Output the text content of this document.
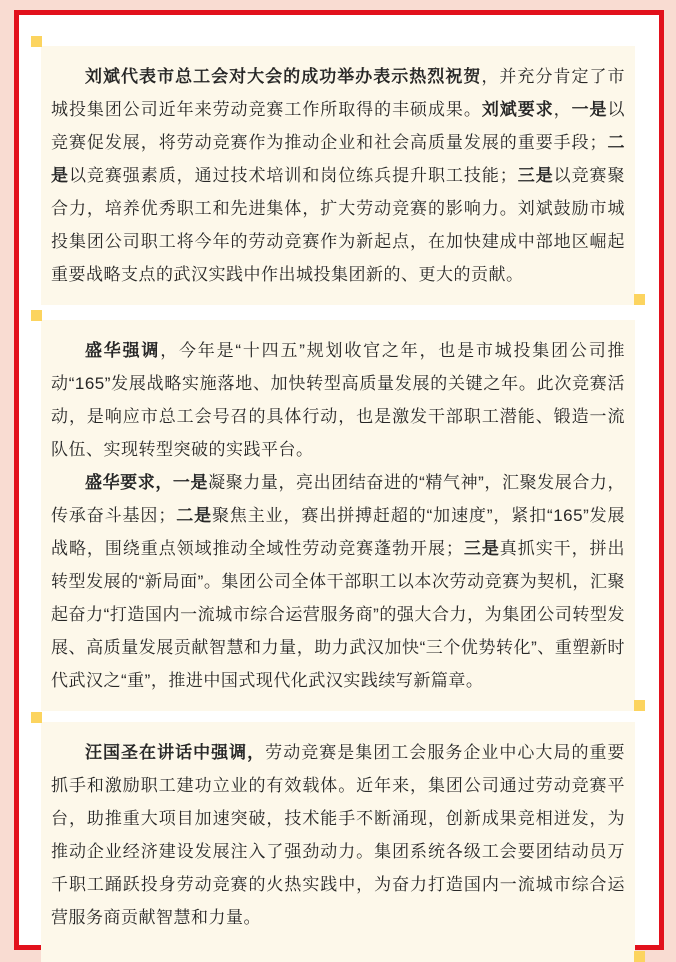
刘斌代表市总工会对大会的成功举办表示热烈祝贺，并充分肯定了市城投集团公司近年来劳动竞赛工作所取得的丰硕成果。刘斌要求，一是以竞赛促发展，将劳动竞赛作为推动企业和社会高质量发展的重要手段；二是以竞赛强素质，通过技术培训和岗位练兵提升职工技能；三是以竞赛聚合力，培养优秀职工和先进集体，扩大劳动竞赛的影响力。刘斌鼓励市城投集团公司职工将今年的劳动竞赛作为新起点，在加快建成中部地区崛起重要战略支点的武汉实践中作出城投集团新的、更大的贡献。

盛华强调，今年是“十四五”规划收官之年，也是市城投集团公司推动“165”发展战略实施落地、加快转型高质量发展的关键之年。此次竞赛活动，是响应市总工会号召的具体行动，也是激发干部职工潜能、锻造一流队伍、实现转型突破的实践平台。

盛华要求，一是凝聚力量，亮出团结奋进的“精气神”，汇聚发展合力，传承奋斗基因；二是聚焦主业，赛出拼搏赶超的“加速度”，紧扣“165”发展战略，围绕重点领域推动全域性劳动竞赛蓬勃开展；三是真抓实干，拼出转型发展的“新局面”。集团公司全体干部职工以本次劳动竞赛为契机，汇聚起奋力“打造国内一流城市综合运营服务商”的强大合力，为集团公司转型发展、高质量发展贡献智慧和力量，助力武汉加快“三个优势转化”、重塑新时代武汉之“重”，推进中国式现代化武汉实践续写新篇章。

汪国圣在讲话中强调，劳动竞赛是集团工会服务企业中心大局的重要抓手和激励职工建功立业的有效载体。近年来，集团公司通过劳动竞赛平台，助推重大项目加速突破，技术能手不断涌现，创新成果竞相迸发，为推动企业经济建设发展注入了强劲动力。集团系统各级工会要团结动员万千职工踊跃投身劳动竞赛的火热实践中，为奋力打造国内一流城市综合运营服务商贡献智慧和力量。
